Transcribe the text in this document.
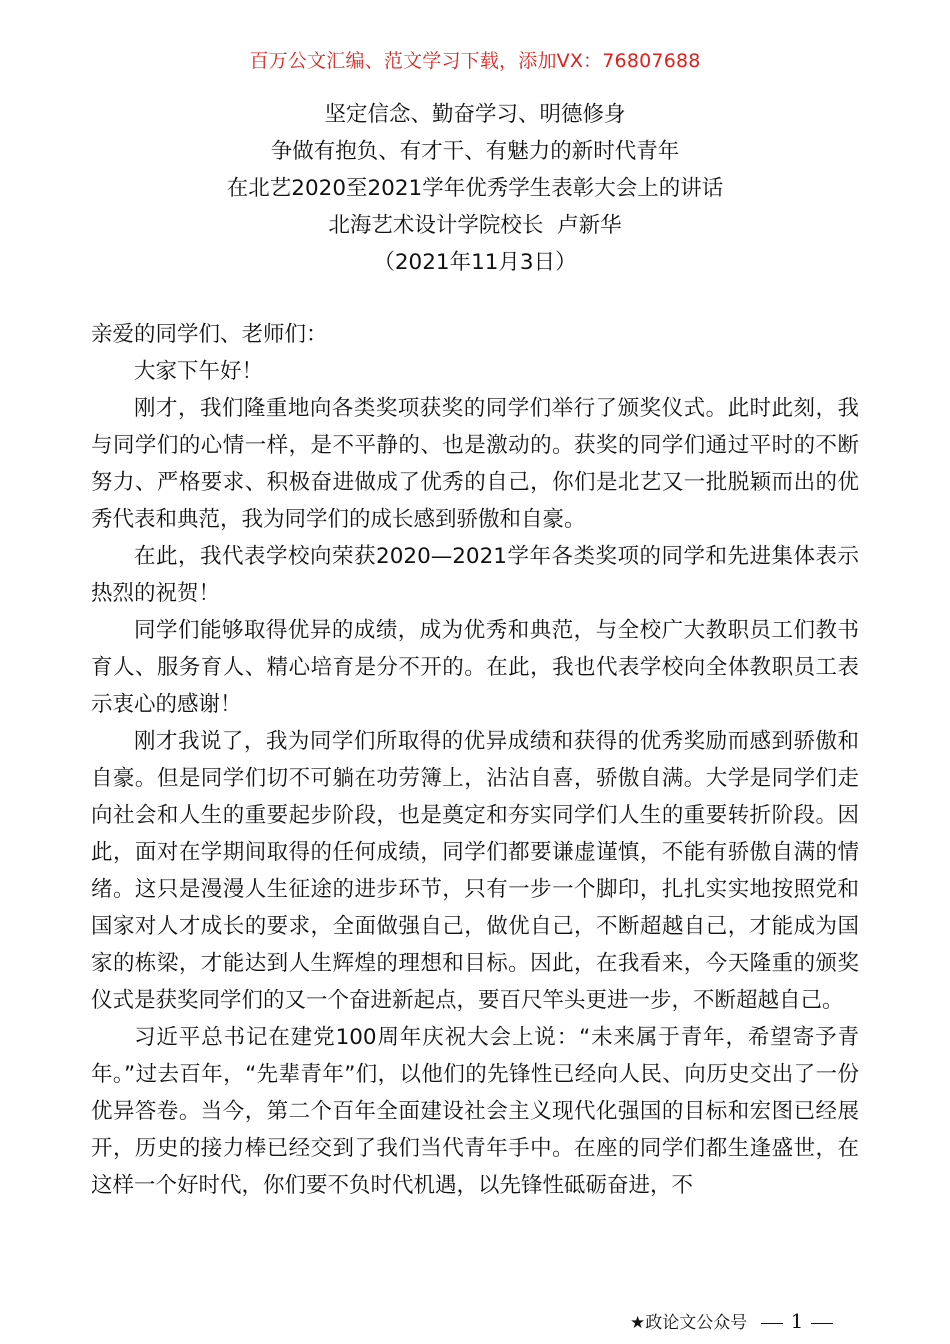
百万公文汇编、范文学习下载，添加VX：76807688
坚定信念、勤奋学习、明德修身
争做有抱负、有才干、有魅力的新时代青年
在北艺2020至2021学年优秀学生表彰大会上的讲话
北海艺术设计学院校长  卢新华
（2021年11月3日）

亲爱的同学们、老师们：

大家下午好！

刚才，我们隆重地向各类奖项获奖的同学们举行了颁奖仪式。此时此刻，我与同学们的心情一样，是不平静的、也是激动的。获奖的同学们通过平时的不断努力、严格要求、积极奋进做成了优秀的自己，你们是北艺又一批脱颖而出的优秀代表和典范，我为同学们的成长感到骄傲和自豪。

在此，我代表学校向荣获2020—2021学年各类奖项的同学和先进集体表示热烈的祝贺！

同学们能够取得优异的成绩，成为优秀和典范，与全校广大教职员工们教书育人、服务育人、精心培育是分不开的。在此，我也代表学校向全体教职员工表示衷心的感谢！

刚才我说了，我为同学们所取得的优异成绩和获得的优秀奖励而感到骄傲和自豪。但是同学们切不可躺在功劳簿上，沾沾自喜，骄傲自满。大学是同学们走向社会和人生的重要起步阶段，也是奠定和夯实同学们人生的重要转折阶段。因此，面对在学期间取得的任何成绩，同学们都要谦虚谨慎，不能有骄傲自满的情绪。这只是漫漫人生征途的进步环节，只有一步一个脚印，扎扎实实地按照党和国家对人才成长的要求，全面做强自己，做优自己，不断超越自己，才能成为国家的栋梁，才能达到人生辉煌的理想和目标。因此，在我看来，今天隆重的颁奖仪式是获奖同学们的又一个奋进新起点，要百尺竿头更进一步，不断超越自己。

习近平总书记在建党100周年庆祝大会上说：“未来属于青年，希望寄予青年。”过去百年，“先辈青年”们，以他们的先锋性已经向人民、向历史交出了一份优异答卷。当今，第二个百年全面建设社会主义现代化强国的目标和宏图已经展开，历史的接力棒已经交到了我们当代青年手中。在座的同学们都生逢盛世，在这样一个好时代，你们要不负时代机遇，以先锋性砥砺奋进，不

★政论文公众号 1
